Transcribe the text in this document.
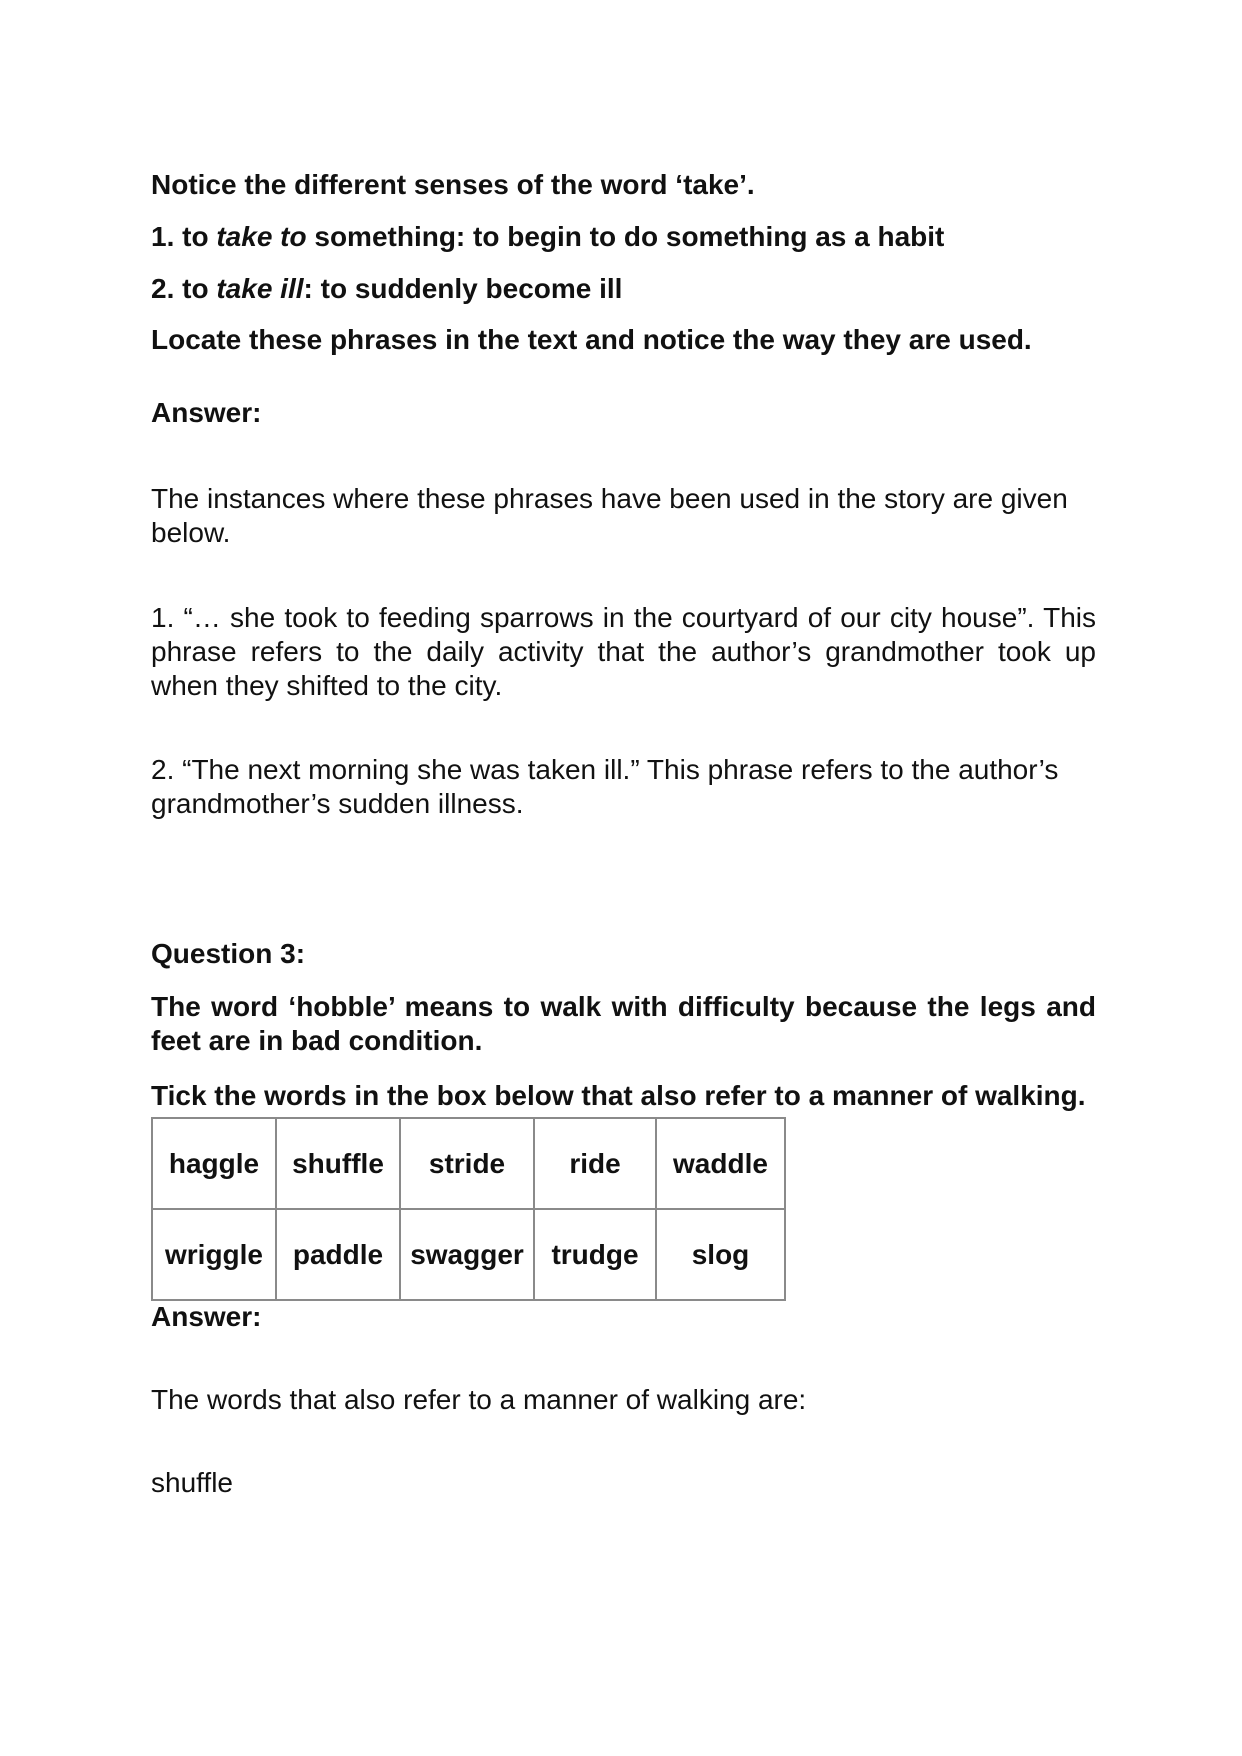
Notice the different senses of the word ‘take’.

1. to take to something: to begin to do something as a habit

2. to take ill: to suddenly become ill

Locate these phrases in the text and notice the way they are used.

Answer:

The instances where these phrases have been used in the story are given below.

1. “… she took to feeding sparrows in the courtyard of our city house”. This phrase refers to the daily activity that the author’s grandmother took up when they shifted to the city.

2. “The next morning she was taken ill.” This phrase refers to the author’s grandmother’s sudden illness.

Question 3:

The word ‘hobble’ means to walk with difficulty because the legs and feet are in bad condition.

Tick the words in the box below that also refer to a manner of walking.

haggle	shuffle	stride	ride	waddle
wriggle	paddle	swagger	trudge	slog

Answer:

The words that also refer to a manner of walking are:

shuffle
